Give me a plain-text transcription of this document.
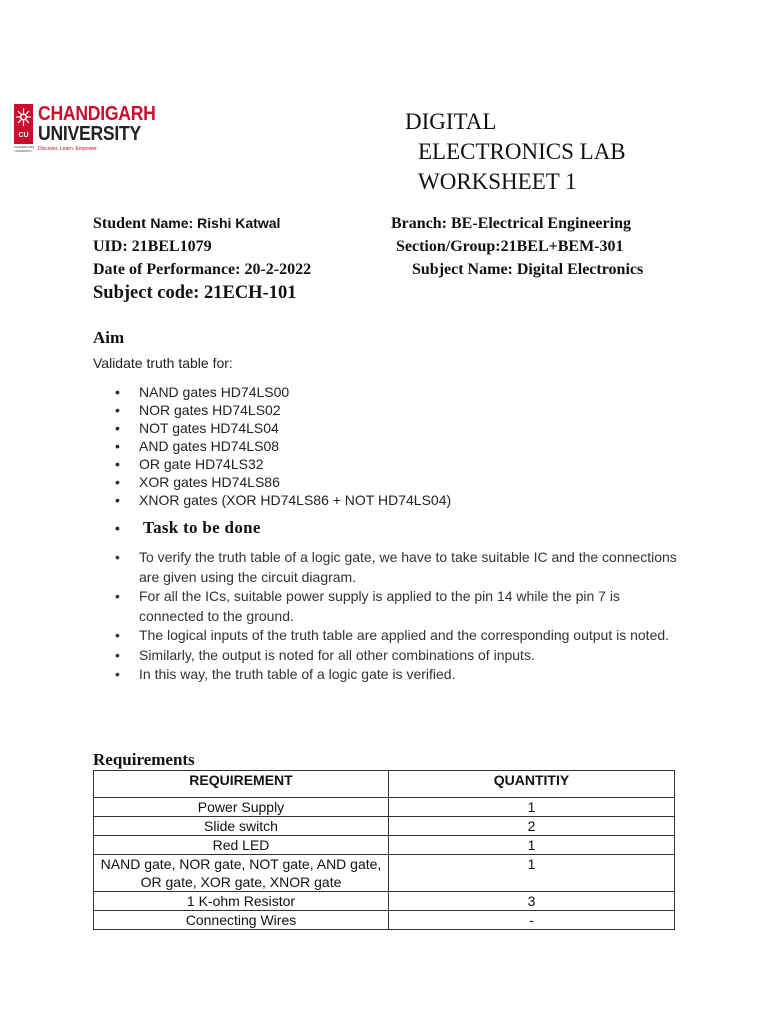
CU
CHANDIGARH UNIVERSITY
CHANDIGARH
UNIVERSITY
Discover. Learn. Empower.
DIGITAL
ELECTRONICS LAB
WORKSHEET 1
Student Name: Rishi Katwal	Branch: BE-Electrical Engineering
UID: 21BEL1079	Section/Group:21BEL+BEM-301
Date of Performance: 20-2-2022	Subject Name: Digital Electronics
Subject code: 21ECH-101
Aim
Validate truth table for:
• NAND gates HD74LS00
• NOR gates HD74LS02
• NOT gates HD74LS04
• AND gates HD74LS08
• OR gate HD74LS32
• XOR gates HD74LS86
• XNOR gates (XOR HD74LS86 + NOT HD74LS04)
• Task to be done
• To verify the truth table of a logic gate, we have to take suitable IC and the connections are given using the circuit diagram.
• For all the ICs, suitable power supply is applied to the pin 14 while the pin 7 is connected to the ground.
• The logical inputs of the truth table are applied and the corresponding output is noted.
• Similarly, the output is noted for all other combinations of inputs.
• In this way, the truth table of a logic gate is verified.
Requirements
REQUIREMENT	QUANTITIY
Power Supply	1
Slide switch	2
Red LED	1
NAND gate, NOR gate, NOT gate, AND gate, OR gate, XOR gate, XNOR gate	1
1 K-ohm Resistor	3
Connecting Wires	-
